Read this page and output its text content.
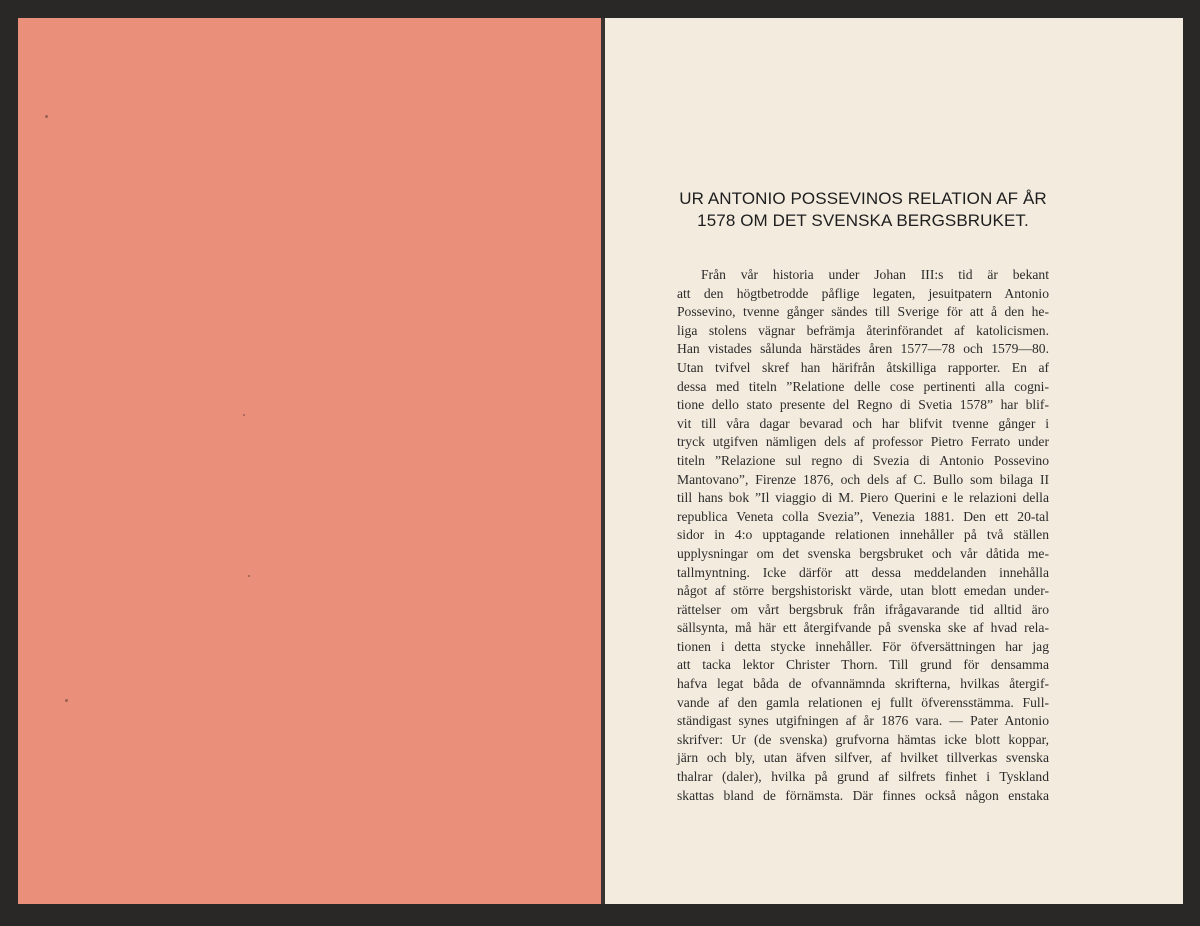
UR ANTONIO POSSEVINOS RELATION AF ÅR
1578 OM DET SVENSKA BERGSBRUKET.
Från vår historia under Johan III:s tid är bekant
att den högtbetrodde påflige legaten, jesuitpatern Antonio
Possevino, tvenne gånger sändes till Sverige för att å den he-
liga stolens vägnar befrämja återinförandet af katolicismen.
Han vistades sålunda härstädes åren 1577—78 och 1579—80.
Utan tvifvel skref han härifrån åtskilliga rapporter. En af
dessa med titeln ”Relatione delle cose pertinenti alla cogni-
tione dello stato presente del Regno di Svetia 1578” har blif-
vit till våra dagar bevarad och har blifvit tvenne gånger i
tryck utgifven nämligen dels af professor Pietro Ferrato under
titeln ”Relazione sul regno di Svezia di Antonio Possevino
Mantovano”, Firenze 1876, och dels af C. Bullo som bilaga II
till hans bok ”Il viaggio di M. Piero Querini e le relazioni della
republica Veneta colla Svezia”, Venezia 1881. Den ett 20-tal
sidor in 4:o upptagande relationen innehåller på två ställen
upplysningar om det svenska bergsbruket och vår dåtida me-
tallmyntning. Icke därför att dessa meddelanden innehålla
något af större bergshistoriskt värde, utan blott emedan under-
rättelser om vårt bergsbruk från ifrågavarande tid alltid äro
sällsynta, må här ett återgifvande på svenska ske af hvad rela-
tionen i detta stycke innehåller. För öfversättningen har jag
att tacka lektor Christer Thorn. Till grund för densamma
hafva legat båda de ofvannämnda skrifterna, hvilkas återgif-
vande af den gamla relationen ej fullt öfverensstämma. Full-
ständigast synes utgifningen af år 1876 vara. — Pater Antonio
skrifver: Ur (de svenska) grufvorna hämtas icke blott koppar,
järn och bly, utan äfven silfver, af hvilket tillverkas svenska
thalrar (daler), hvilka på grund af silfrets finhet i Tyskland
skattas bland de förnämsta. Där finnes också någon enstaka
